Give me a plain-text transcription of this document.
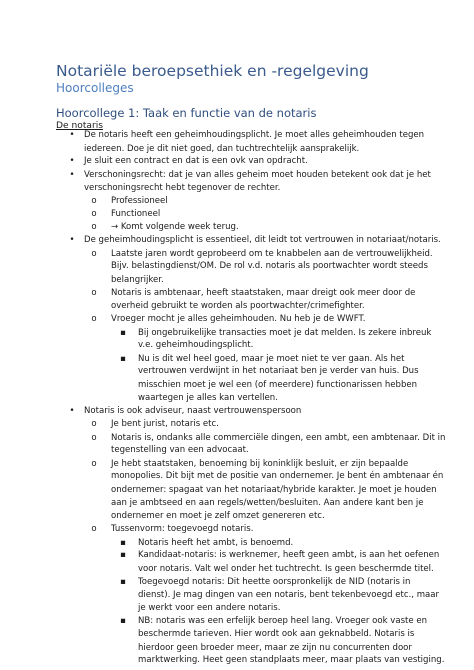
Notariële beroepsethiek en -regelgeving
Hoorcolleges
Hoorcollege 1: Taak en functie van de notaris
De notaris
• De notaris heeft een geheimhoudingsplicht. Je moet alles geheimhouden tegen
iedereen. Doe je dit niet goed, dan tuchtrechtelijk aansprakelijk.
• Je sluit een contract en dat is een ovk van opdracht.
• Verschoningsrecht: dat je van alles geheim moet houden betekent ook dat je het
verschoningsrecht hebt tegenover de rechter.
o Professioneel
o Functioneel
o → Komt volgende week terug.
• De geheimhoudingsplicht is essentieel, dit leidt tot vertrouwen in notariaat/notaris.
o Laatste jaren wordt geprobeerd om te knabbelen aan de vertrouwelijkheid.
Bijv. belastingdienst/OM. De rol v.d. notaris als poortwachter wordt steeds
belangrijker.
o Notaris is ambtenaar, heeft staatstaken, maar dreigt ook meer door de
overheid gebruikt te worden als poortwachter/crimefighter.
o Vroeger mocht je alles geheimhouden. Nu heb je de WWFT.
▪ Bij ongebruikelijke transacties moet je dat melden. Is zekere inbreuk
v.e. geheimhoudingsplicht.
▪ Nu is dit wel heel goed, maar je moet niet te ver gaan. Als het
vertrouwen verdwijnt in het notariaat ben je verder van huis. Dus
misschien moet je wel een (of meerdere) functionarissen hebben
waartegen je alles kan vertellen.
• Notaris is ook adviseur, naast vertrouwenspersoon
o Je bent jurist, notaris etc.
o Notaris is, ondanks alle commerciële dingen, een ambt, een ambtenaar. Dit in
tegenstelling van een advocaat.
o Je hebt staatstaken, benoeming bij koninklijk besluit, er zijn bepaalde
monopolies. Dit bijt met de positie van ondernemer. Je bent én ambtenaar én
ondernemer: spagaat van het notariaat/hybride karakter. Je moet je houden
aan je ambtseed en aan regels/wetten/besluiten. Aan andere kant ben je
ondernemer en moet je zelf omzet genereren etc.
o Tussenvorm: toegevoegd notaris.
▪ Notaris heeft het ambt, is benoemd.
▪ Kandidaat-notaris: is werknemer, heeft geen ambt, is aan het oefenen
voor notaris. Valt wel onder het tuchtrecht. Is geen beschermde titel.
▪ Toegevoegd notaris: Dit heette oorspronkelijk de NID (notaris in
dienst). Je mag dingen van een notaris, bent tekenbevoegd etc., maar
je werkt voor een andere notaris.
▪ NB: notaris was een erfelijk beroep heel lang. Vroeger ook vaste en
beschermde tarieven. Hier wordt ook aan geknabbeld. Notaris is
hierdoor geen broeder meer, maar ze zijn nu concurrenten door
marktwerking. Heet geen standplaats meer, maar plaats van vestiging.
